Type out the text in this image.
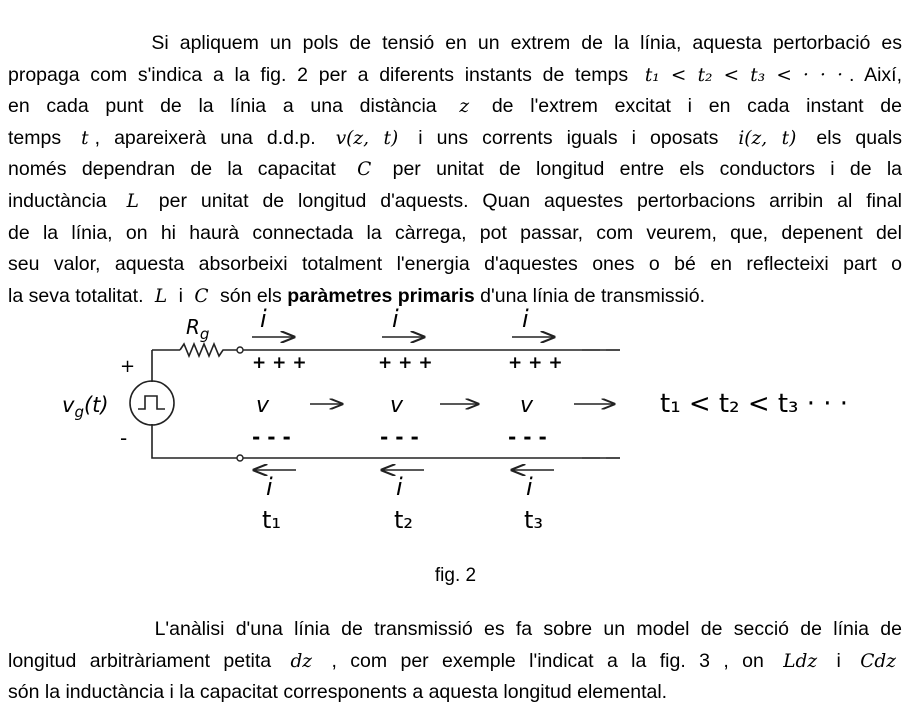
Si apliquem un pols de tensió en un extrem de la línia, aquesta pertorbació es
propaga com s'indica a la fig. 2 per a diferents instants de temps t₁ < t₂ < t₃ < · · · . Així,
en cada punt de la línia a una distància z de l'extrem excitat i en cada instant de
temps t , apareixerà una d.d.p. v(z, t) i uns corrents iguals i oposats i(z, t) els quals
només dependran de la capacitat C per unitat de longitud entre els conductors i de la
inductància L per unitat de longitud d'aquests. Quan aquestes pertorbacions arribin al final
de la línia, on hi haurà connectada la càrrega, pot passar, com veurem, que, depenent del
seu valor, aquesta absorbeixi totalment l'energia d'aquestes ones o bé en reflecteixi part o
la seva totalitat. L i C són els paràmetres primaris d'una línia de transmissió.
$R_g$
$v_g(t)$
+
-
i
+ + +
v
- - -
i
t₁
i
+ + +
v
- - -
i
t₂
i
+ + +
v
- - -
i
t₃
t₁ < t₂ < t₃ · · ·
fig. 2
L'anàlisi d'una línia de transmissió es fa sobre un model de secció de línia de
longitud arbitràriament petita dz , com per exemple l'indicat a la fig. 3 , on Ldz i Cdz
són la inductància i la capacitat corresponents a aquesta longitud elemental.
